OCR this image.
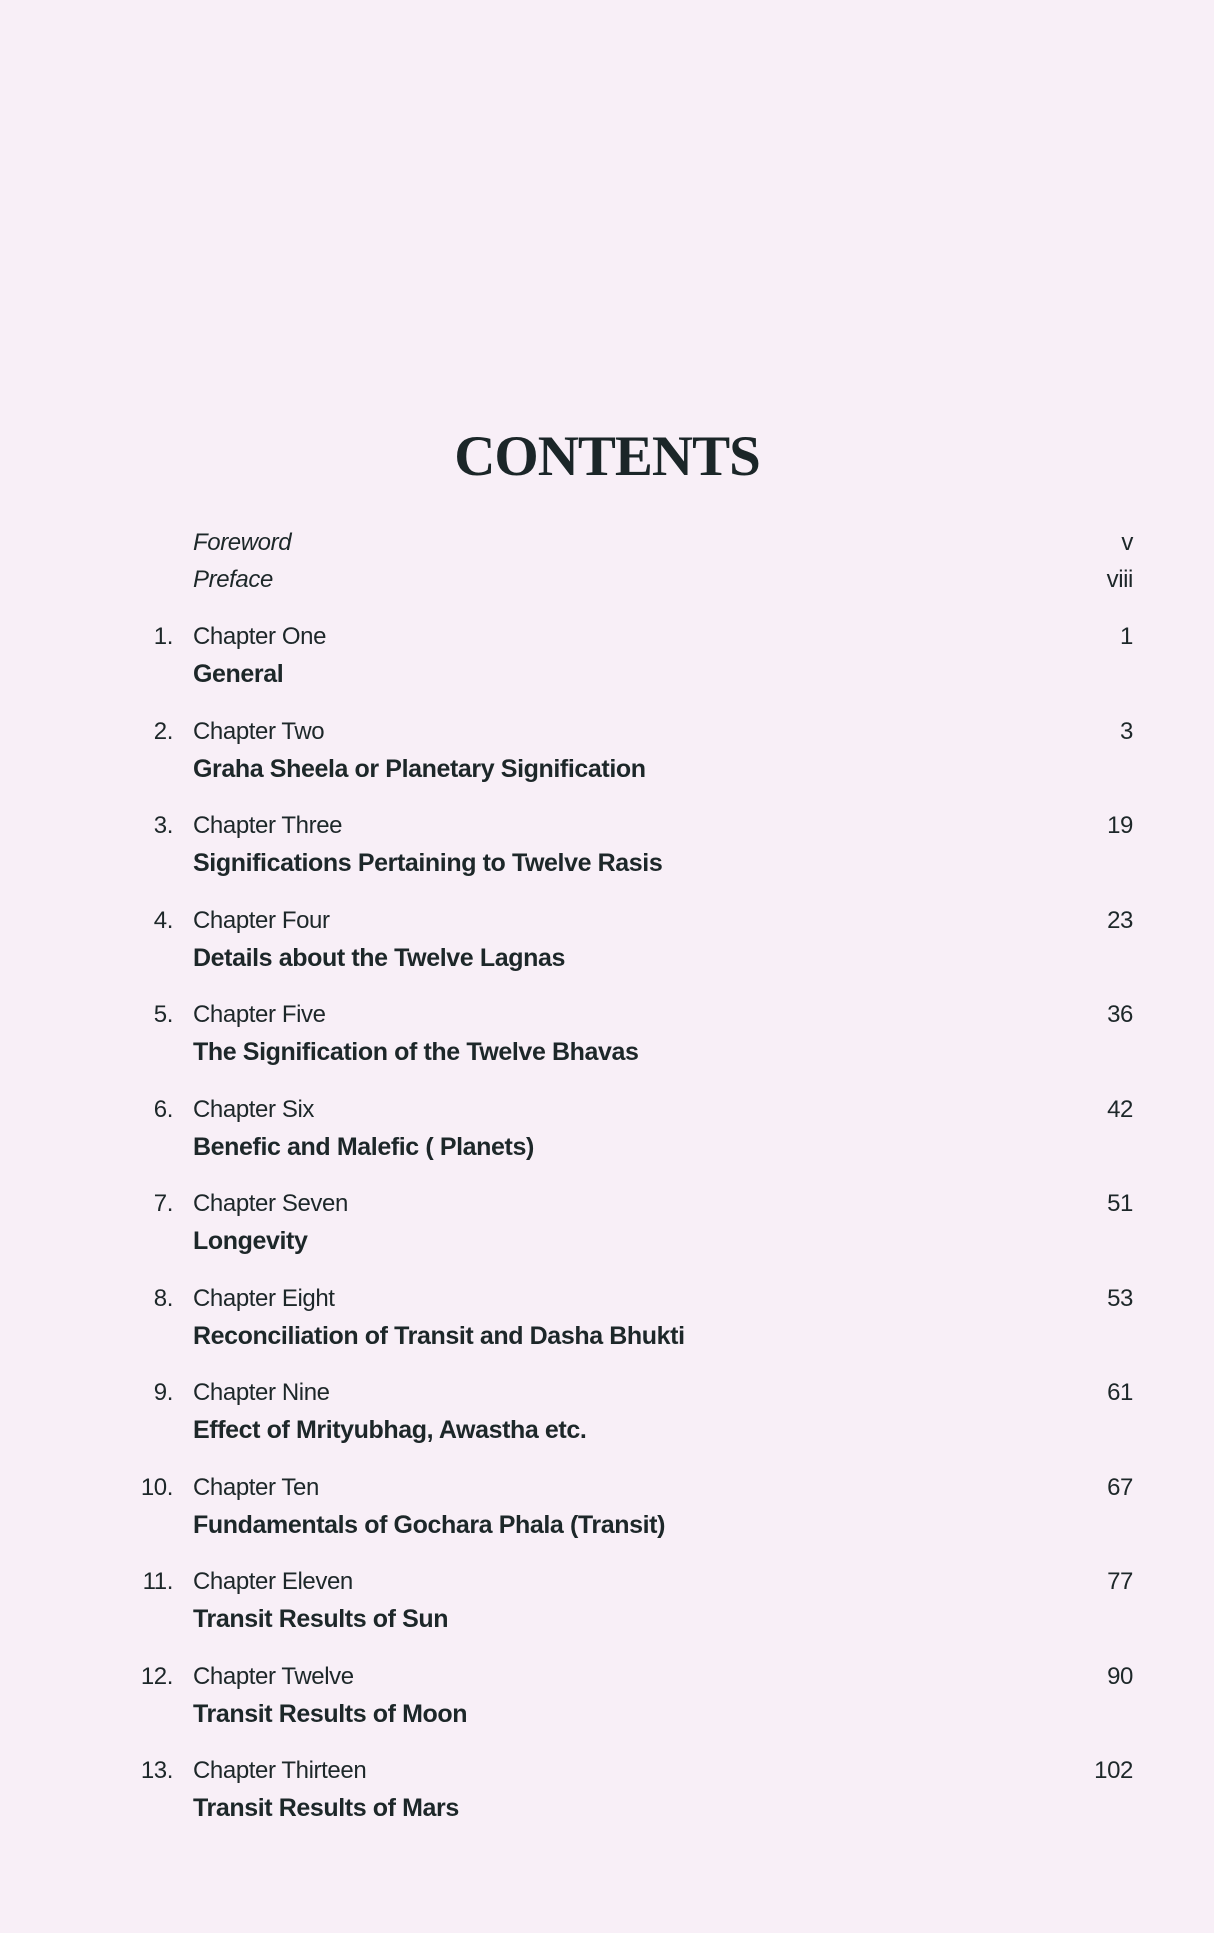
CONTENTS
Foreword	v
Preface	viii
1. Chapter One	1
General
2. Chapter Two	3
Graha Sheela or Planetary Signification
3. Chapter Three	19
Significations Pertaining to Twelve Rasis
4. Chapter Four	23
Details about the Twelve Lagnas
5. Chapter Five	36
The Signification of the Twelve Bhavas
6. Chapter Six	42
Benefic and Malefic ( Planets)
7. Chapter Seven	51
Longevity
8. Chapter Eight	53
Reconciliation of Transit and Dasha Bhukti
9. Chapter Nine	61
Effect of Mrityubhag, Awastha etc.
10. Chapter Ten	67
Fundamentals of Gochara Phala (Transit)
11. Chapter Eleven	77
Transit Results of Sun
12. Chapter Twelve	90
Transit Results of Moon
13. Chapter Thirteen	102
Transit Results of Mars
